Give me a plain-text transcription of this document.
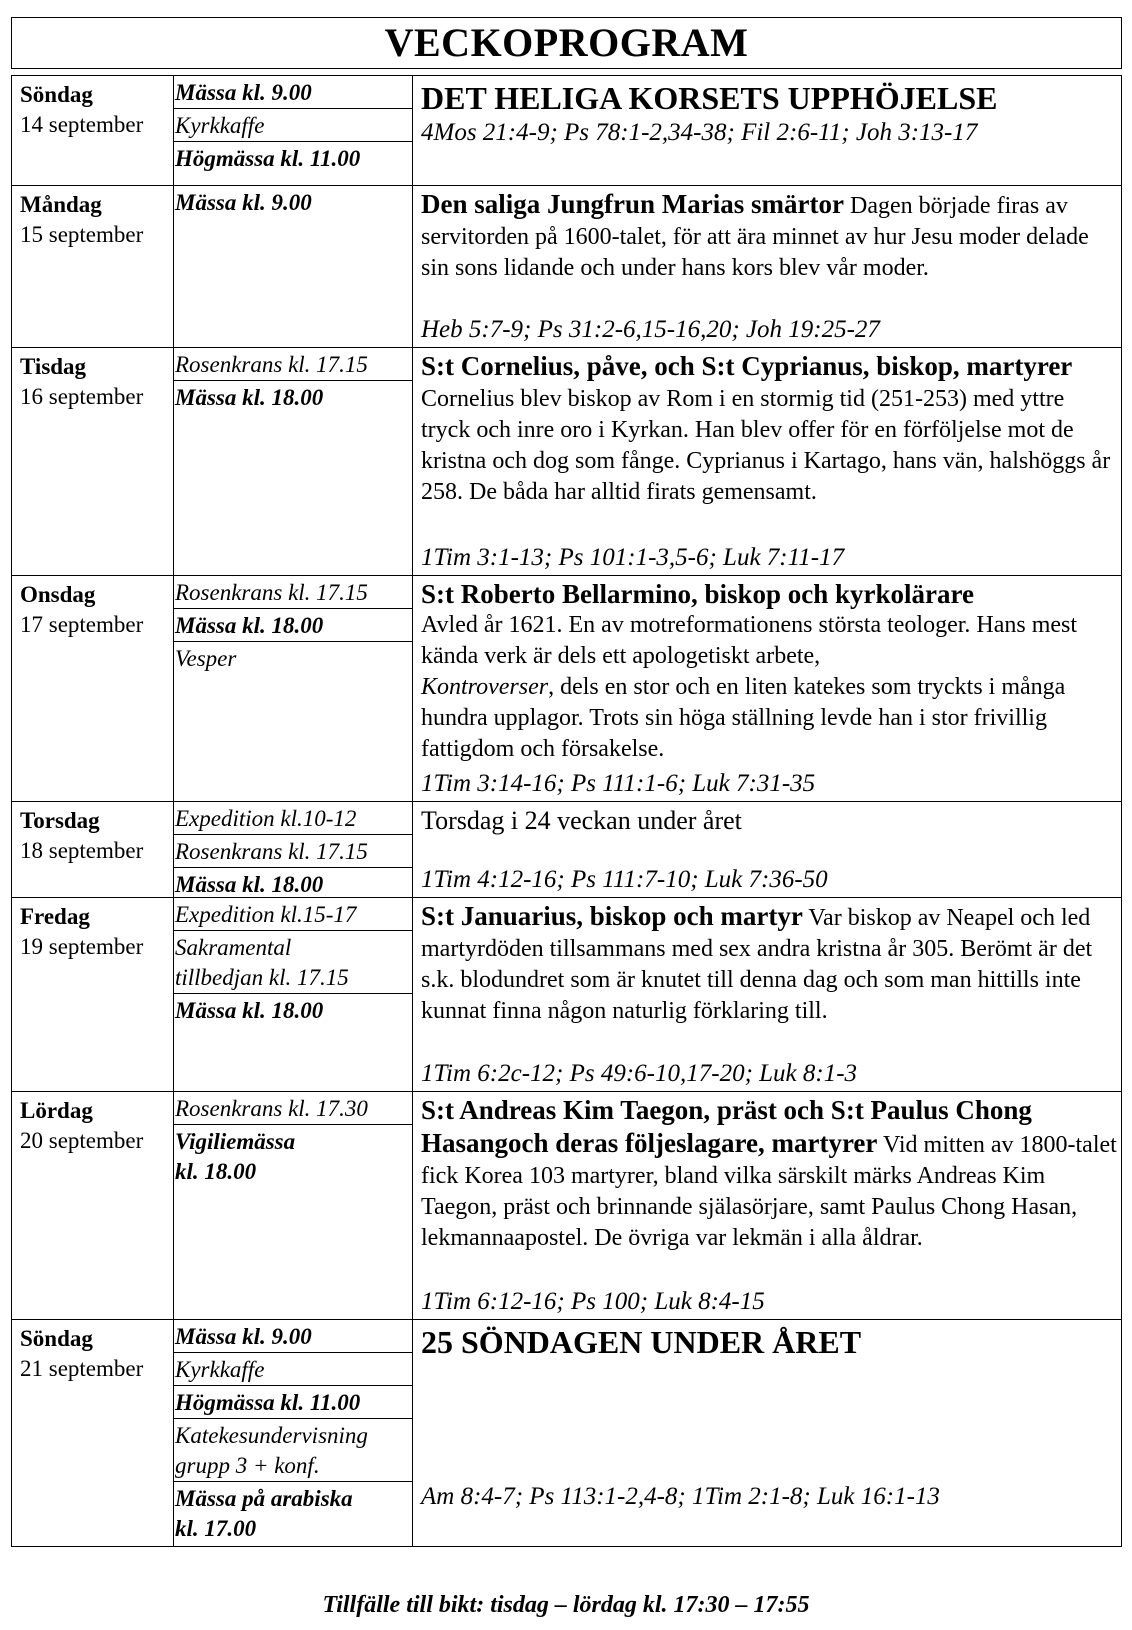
VECKOPROGRAM
Söndag
14 september
Mässa kl. 9.00
Kyrkkaffe
Högmässa kl. 11.00
DET HELIGA KORSETS UPPHÖJELSE
4Mos 21:4-9; Ps 78:1-2,34-38; Fil 2:6-11; Joh 3:13-17
Måndag
15 september
Mässa kl. 9.00	Den saliga Jungfrun Marias smärtor Dagen började firas av servitorden på 1600-talet, för att ära minnet av hur Jesu moder delade sin sons lidande och under hans kors blev vår moder.
Heb 5:7-9; Ps 31:2-6,15-16,20; Joh 19:25-27
Tisdag
16 september
Rosenkrans kl. 17.15
Mässa kl. 18.00
S:t Cornelius, påve, och S:t Cyprianus, biskop, martyrer Cornelius blev biskop av Rom i en stormig tid (251-253) med yttre tryck och inre oro i Kyrkan. Han blev offer för en förföljelse mot de kristna och dog som fånge. Cyprianus i Kartago, hans vän, halshöggs år 258. De båda har alltid firats gemensamt.
1Tim 3:1-13; Ps 101:1-3,5-6; Luk 7:11-17
Onsdag
17 september
Rosenkrans kl. 17.15
Mässa kl. 18.00
Vesper
S:t Roberto Bellarmino, biskop och kyrkolärare
Avled år 1621. En av motreformationens största teologer. Hans mest kända verk är dels ett apologetiskt arbete,
Kontroverser, dels en stor och en liten katekes som tryckts i många hundra upplagor. Trots sin höga ställning levde han i stor frivillig fattigdom och försakelse.
1Tim 3:14-16; Ps 111:1-6; Luk 7:31-35
Torsdag
18 september
Expedition kl.10-12
Rosenkrans kl. 17.15
Mässa kl. 18.00
Torsdag i 24 veckan under året
1Tim 4:12-16; Ps 111:7-10; Luk 7:36-50
Fredag
19 september
Expedition kl.15-17
Sakramental
tillbedjan kl. 17.15
Mässa kl. 18.00
S:t Januarius, biskop och martyr Var biskop av Neapel och led martyrdöden tillsammans med sex andra kristna år 305. Berömt är det s.k. blodundret som är knutet till denna dag och som man hittills inte kunnat finna någon naturlig förklaring till.
1Tim 6:2c-12; Ps 49:6-10,17-20; Luk 8:1-3
Lördag
20 september
Rosenkrans kl. 17.30
Vigiliemässa
kl. 18.00
S:t Andreas Kim Taegon, präst och S:t Paulus Chong Hasangoch deras följeslagare, martyrer Vid mitten av 1800-talet fick Korea 103 martyrer, bland vilka särskilt märks Andreas Kim Taegon, präst och brinnande själasörjare, samt Paulus Chong Hasan, lekmannaapostel. De övriga var lekmän i alla åldrar.
1Tim 6:12-16; Ps 100; Luk 8:4-15
Söndag
21 september
Mässa kl. 9.00
Kyrkkaffe
Högmässa kl. 11.00
Katekesundervisning
grupp 3 + konf.
Mässa på arabiska
kl. 17.00
25 SÖNDAGEN UNDER ÅRET
Am 8:4-7; Ps 113:1-2,4-8; 1Tim 2:1-8; Luk 16:1-13
Tillfälle till bikt: tisdag – lördag kl. 17:30 – 17:55
